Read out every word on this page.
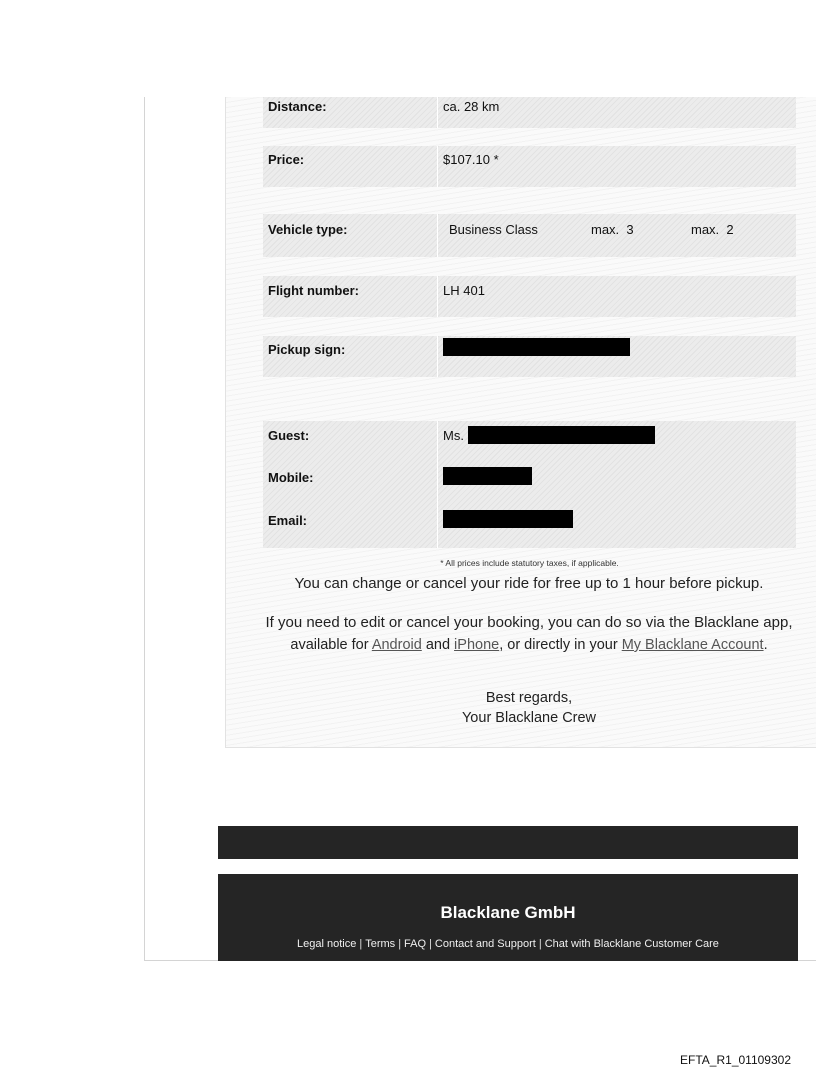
Distance:	ca. 28 km
Price:	$107.10 *
Vehicle type:	Business Class	max.  3	max.  2
Flight number:	LH 401
Pickup sign:
Guest:	Ms.
Mobile:
Email:
* All prices include statutory taxes, if applicable.
You can change or cancel your ride for free up to 1 hour before pickup.
If you need to edit or cancel your booking, you can do so via the Blacklane app,
available for Android and iPhone, or directly in your My Blacklane Account.
Best regards,
Your Blacklane Crew
Blacklane GmbH
Legal notice | Terms | FAQ | Contact and Support | Chat with Blacklane Customer Care
EFTA_R1_01109302
